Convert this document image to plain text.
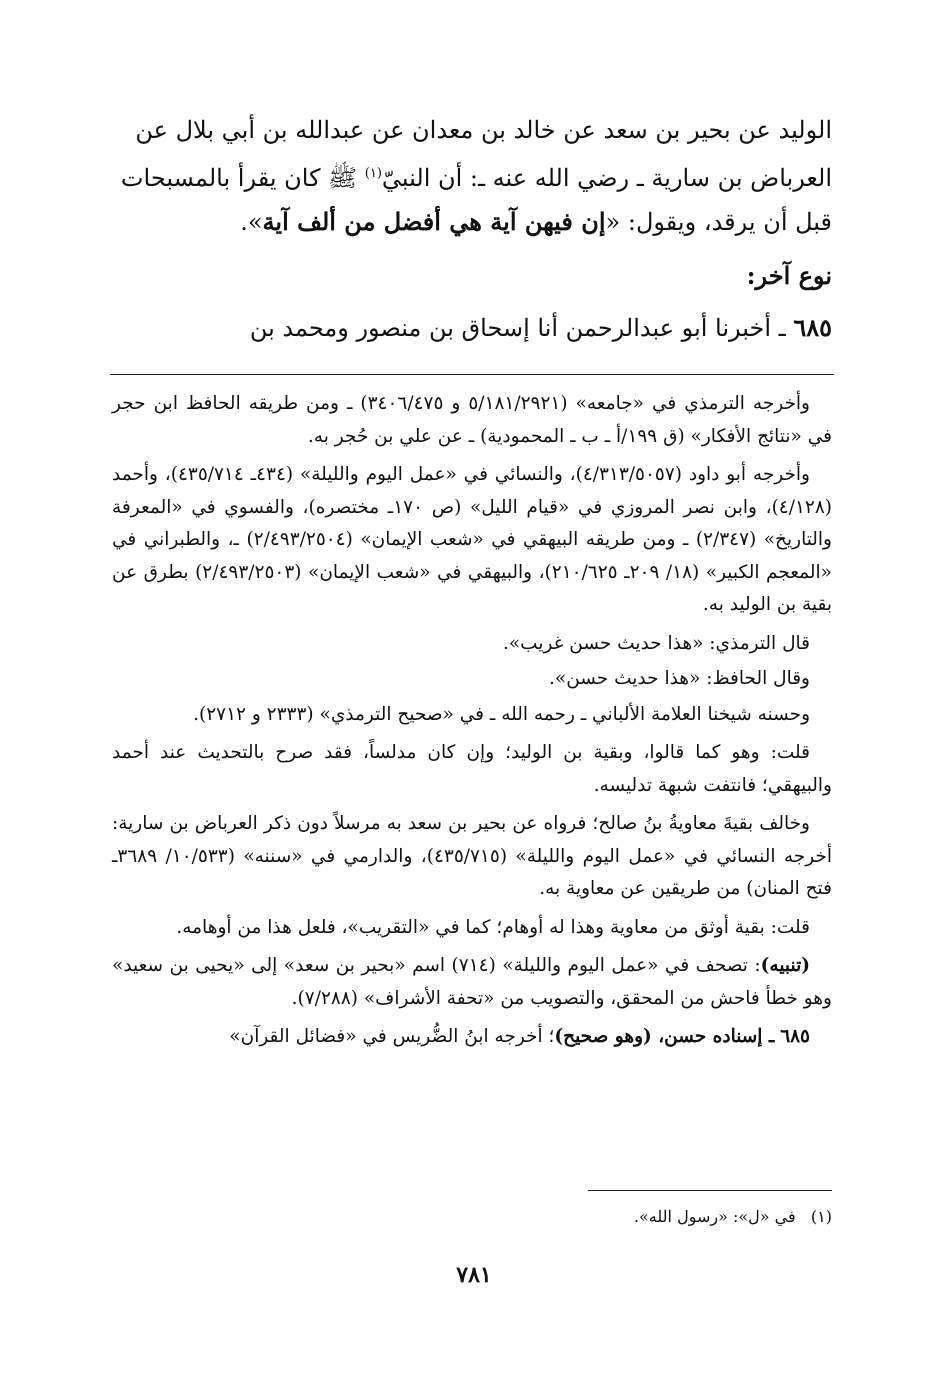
الوليد عن بحير بن سعد عن خالد بن معدان عن عبدالله بن أبي بلال عن

العرباض بن سارية ـ رضي الله عنه ـ: أن النبيّ$^{(١)}$ ﷺ كان يقرأ بالمسبحات

قبل أن يرقد، ويقول: «إن فيهن آية هي أفضل من ألف آية».

نوع آخر:

٦٨٥ ـ أخبرنا أبو عبدالرحمن أنا إسحاق بن منصور ومحمد بن

وأخرجه الترمذي في «جامعه» (٥/١٨١/٢٩٢١ و ٣٤٠٦/٤٧٥) ـ ومن طريقه الحافظ ابن حجر في «نتائج الأفكار» (ق ١٩٩/أ ـ ب ـ المحمودية) ـ عن علي بن حُجر به.

وأخرجه أبو داود (٤/٣١٣/٥٠٥٧)، والنسائي في «عمل اليوم والليلة» (٤٣٤ـ ٤٣٥/٧١٤)، وأحمد (٤/١٢٨)، وابن نصر المروزي في «قيام الليل» (ص ١٧٠ـ مختصره)، والفسوي في «المعرفة والتاريخ» (٢/٣٤٧) ـ ومن طريقه البيهقي في «شعب الإيمان» (٢/٤٩٣/٢٥٠٤) ـ، والطبراني في «المعجم الكبير» (١٨/ ٢٠٩ـ ٢١٠/٦٢٥)، والبيهقي في «شعب الإيمان» (٢/٤٩٣/٢٥٠٣) بطرق عن بقية بن الوليد به.

قال الترمذي: «هذا حديث حسن غريب».

وقال الحافظ: «هذا حديث حسن».

وحسنه شيخنا العلامة الألباني ـ رحمه الله ـ في «صحيح الترمذي» (٢٣٣٣ و ٢٧١٢).

قلت: وهو كما قالوا، وبقية بن الوليد؛ وإن كان مدلساً، فقد صرح بالتحديث عند أحمد والبيهقي؛ فانتفت شبهة تدليسه.

وخالف بقيةَ معاويةُ بنُ صالح؛ فرواه عن بحير بن سعد به مرسلاً دون ذكر العرباض بن سارية: أخرجه النسائي في «عمل اليوم والليلة» (٤٣٥/٧١٥)، والدارمي في «سننه» (١٠/٥٣٣/ ٣٦٨٩ـ فتح المنان) من طريقين عن معاوية به.

قلت: بقية أوثق من معاوية وهذا له أوهام؛ كما في «التقريب»، فلعل هذا من أوهامه.

(تنبيه): تصحف في «عمل اليوم والليلة» (٧١٤) اسم «بحير بن سعد» إلى «يحيى بن سعيد» وهو خطأ فاحش من المحقق، والتصويب من «تحفة الأشراف» (٧/٢٨٨).

٦٨٥ ـ إسناده حسن، (وهو صحيح)؛ أخرجه ابنُ الضُّريس في «فضائل القرآن»

(١)   في «ل»: «رسول الله».
٧٨١
